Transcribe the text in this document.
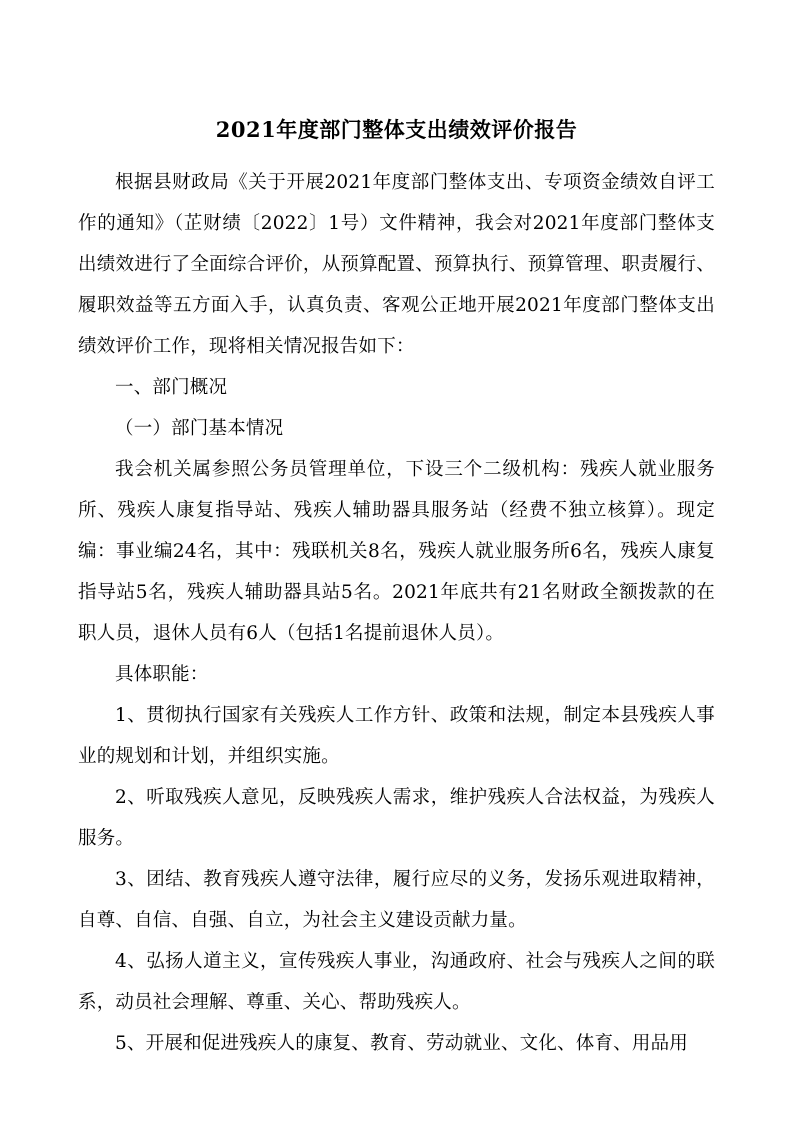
2021年度部门整体支出绩效评价报告

根据县财政局《关于开展2021年度部门整体支出、专项资金绩效自评工作的通知》（芷财绩〔2022〕1号）文件精神，我会对2021年度部门整体支出绩效进行了全面综合评价，从预算配置、预算执行、预算管理、职责履行、履职效益等五方面入手，认真负责、客观公正地开展2021年度部门整体支出绩效评价工作，现将相关情况报告如下：

一、部门概况

（一）部门基本情况

我会机关属参照公务员管理单位，下设三个二级机构：残疾人就业服务所、残疾人康复指导站、残疾人辅助器具服务站（经费不独立核算）。现定编：事业编24名，其中：残联机关8名，残疾人就业服务所6名，残疾人康复指导站5名，残疾人辅助器具站5名。2021年底共有21名财政全额拨款的在职人员，退休人员有6人（包括1名提前退休人员）。

具体职能：

1、贯彻执行国家有关残疾人工作方针、政策和法规，制定本县残疾人事业的规划和计划，并组织实施。

2、听取残疾人意见，反映残疾人需求，维护残疾人合法权益，为残疾人服务。

3、团结、教育残疾人遵守法律，履行应尽的义务，发扬乐观进取精神，自尊、自信、自强、自立，为社会主义建设贡献力量。

4、弘扬人道主义，宣传残疾人事业，沟通政府、社会与残疾人之间的联系，动员社会理解、尊重、关心、帮助残疾人。

5、开展和促进残疾人的康复、教育、劳动就业、文化、体育、用品用
